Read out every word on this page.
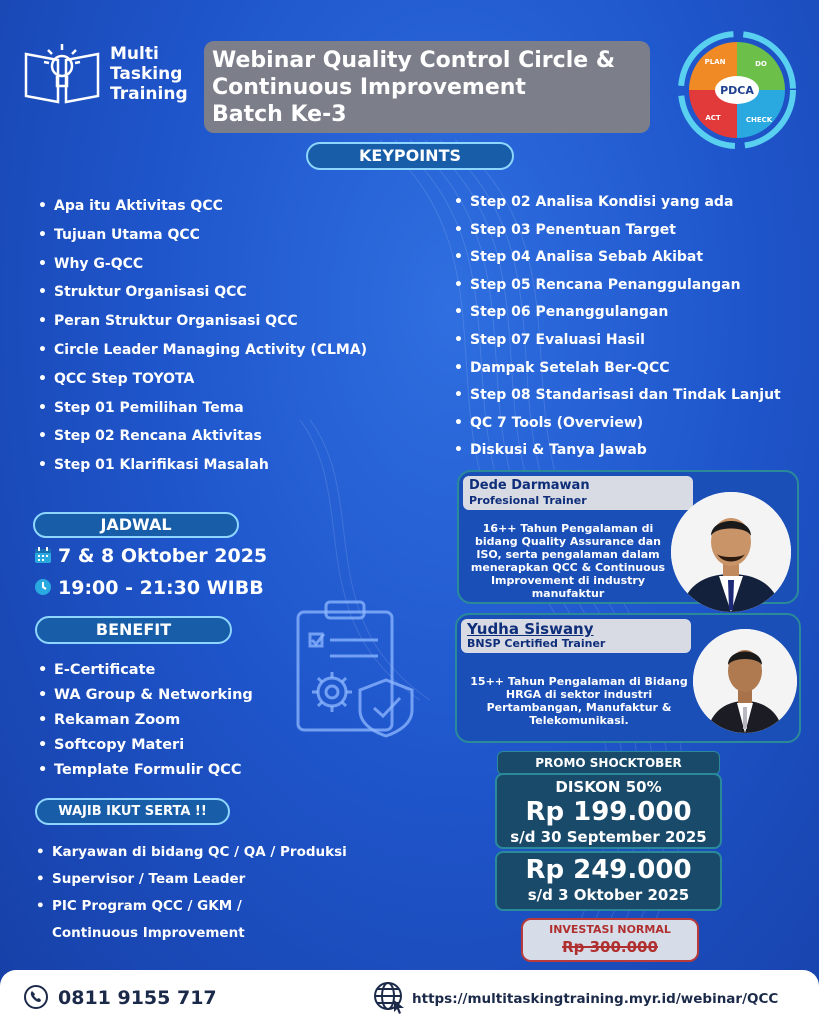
Multi
Tasking
Training
Webinar Quality Control Circle &
Continuous Improvement
Batch Ke-3
PDCA
PLAN	DO
CHECK
ACT
KEYPOINTS
• Apa itu Aktivitas QCC
• Tujuan Utama QCC
• Why G-QCC
• Struktur Organisasi QCC
• Peran Struktur Organisasi QCC
• Circle Leader Managing Activity (CLMA)
• QCC Step TOYOTA
• Step 01 Pemilihan Tema
• Step 02 Rencana Aktivitas
• Step 01 Klarifikasi Masalah
• Step 02 Analisa Kondisi yang ada
• Step 03 Penentuan Target
• Step 04 Analisa Sebab Akibat
• Step 05 Rencana Penanggulangan
• Step 06 Penanggulangan
• Step 07 Evaluasi Hasil
• Dampak Setelah Ber-QCC
• Step 08 Standarisasi dan Tindak Lanjut
• QC 7 Tools (Overview)
• Diskusi & Tanya Jawab
JADWAL
7 & 8 Oktober 2025
19:00 - 21:30 WIBB
BENEFIT
• E-Certificate
• WA Group & Networking
• Rekaman Zoom
• Softcopy Materi
• Template Formulir QCC
WAJIB IKUT SERTA !!
• Karyawan di bidang QC / QA / Produksi
• Supervisor / Team Leader
• PIC Program QCC / GKM /
Continuous Improvement
Dede Darmawan
Profesional Trainer
16++ Tahun Pengalaman di bidang Quality Assurance dan ISO, serta pengalaman dalam menerapkan QCC & Continuous Improvement di industry manufaktur
Yudha Siswany
BNSP Certified Trainer
15++ Tahun Pengalaman di Bidang HRGA di sektor industri Pertambangan, Manufaktur & Telekomunikasi.
PROMO SHOCKTOBER
DISKON 50%
Rp 199.000
s/d 30 September 2025
Rp 249.000
s/d 3 Oktober 2025
INVESTASI NORMAL
Rp 300.000
0811 9155 717	https://multitaskingtraining.myr.id/webinar/QCC
